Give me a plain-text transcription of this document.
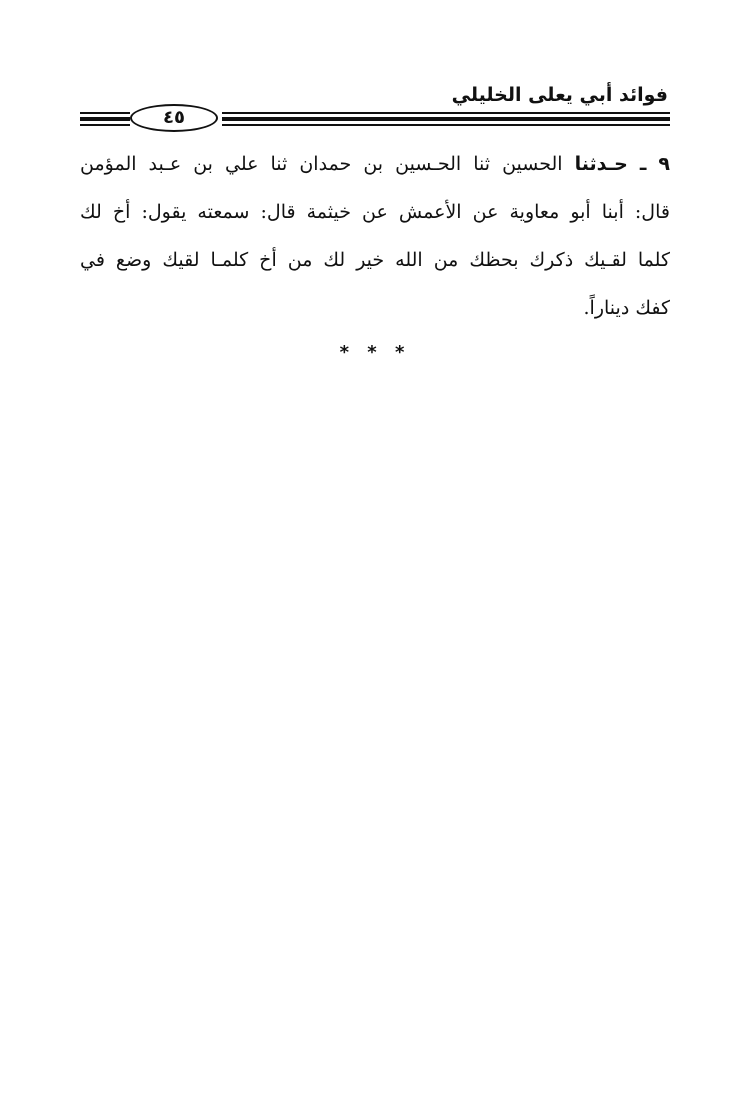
فوائد أبي يعلى الخليلي
٤٥
٩ ـ حـدثنا الحسين ثنا الحـسين بن حمدان ثنا علي بن عـبد المؤمن
قال: أبنا أبو معاوية عن الأعمش عن خيثمة قال: سمعته يقول: أخ لك
كلما لقـيك ذكرك بحظك من الله خير لك من أخ كلمـا لقيك وضع في
كفك ديناراً.
* * *
